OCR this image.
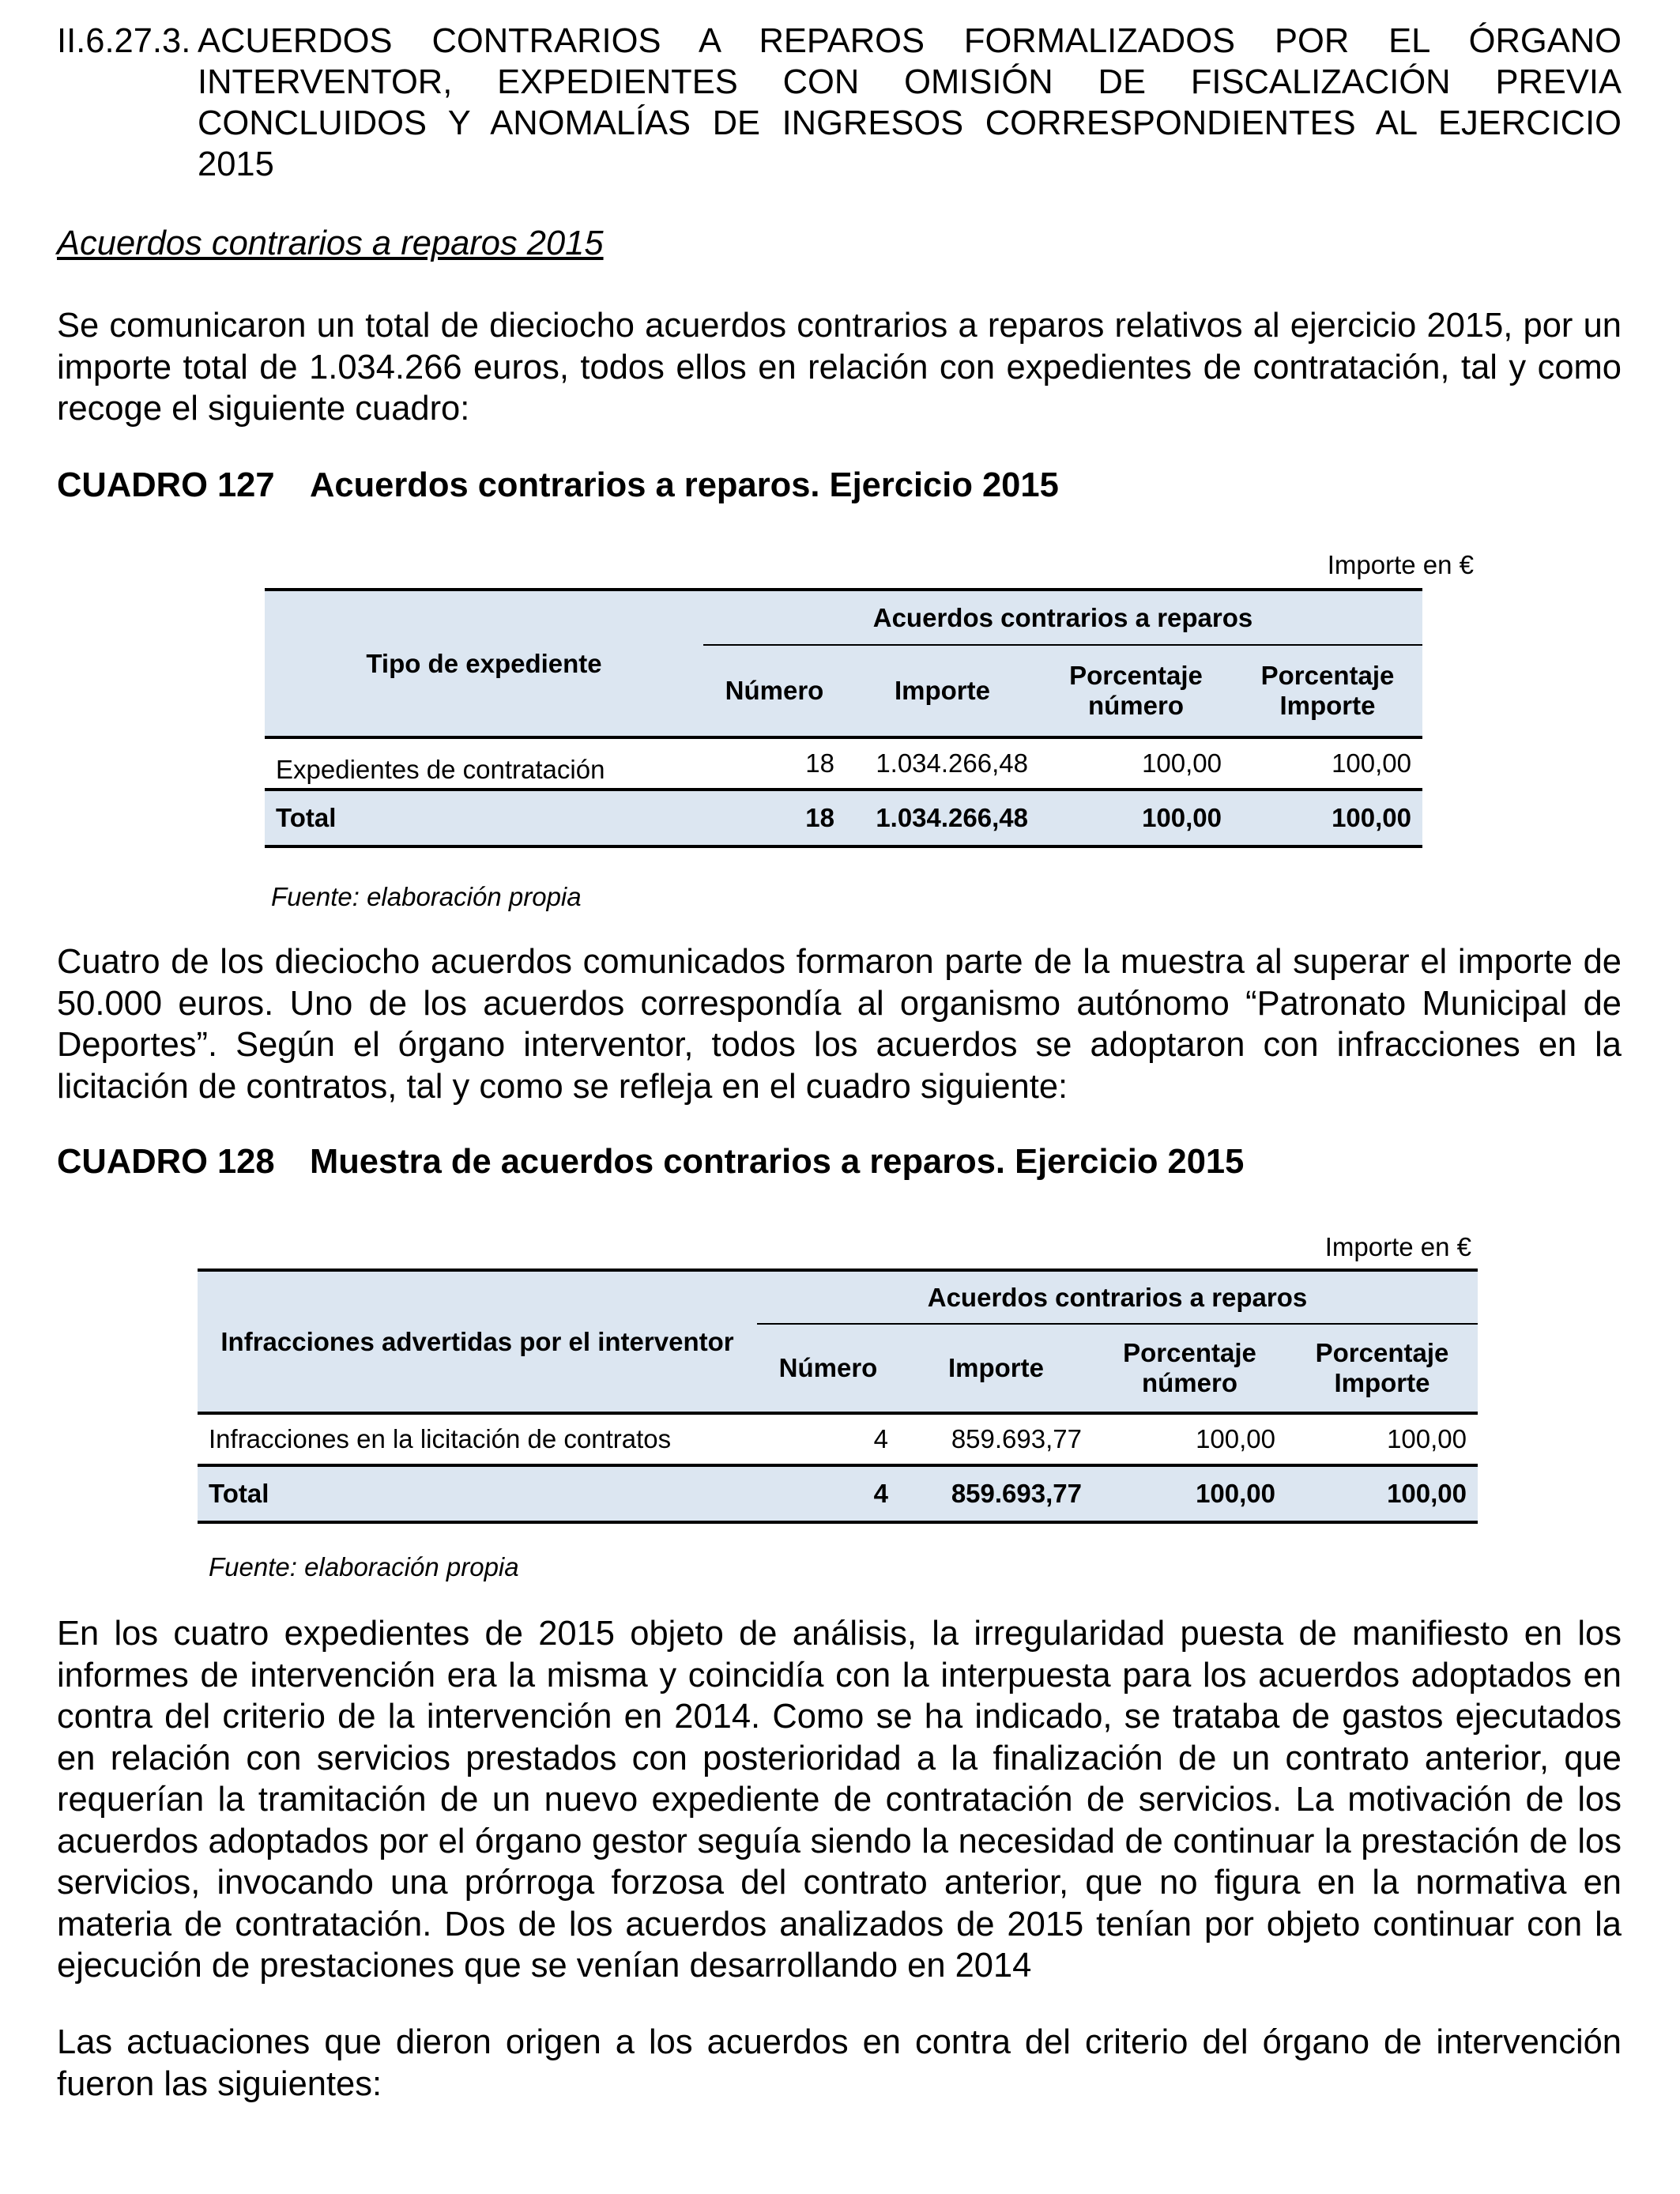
II.6.27.3. ACUERDOS CONTRARIOS A REPAROS FORMALIZADOS POR EL ÓRGANO INTERVENTOR, EXPEDIENTES CON OMISIÓN DE FISCALIZACIÓN PREVIA CONCLUIDOS Y ANOMALÍAS DE INGRESOS CORRESPONDIENTES AL EJERCICIO 2015

Acuerdos contrarios a reparos 2015

Se comunicaron un total de dieciocho acuerdos contrarios a reparos relativos al ejercicio 2015, por un importe total de 1.034.266 euros, todos ellos en relación con expedientes de contratación, tal y como recoge el siguiente cuadro:

CUADRO 127 Acuerdos contrarios a reparos. Ejercicio 2015
Importe en €
Tipo de expediente	Acuerdos contrarios a reparos			
	Número	Importe	Porcentaje número	Porcentaje Importe
Expedientes de contratación	18	1.034.266,48	100,00	100,00
Total	18	1.034.266,48	100,00	100,00
Fuente: elaboración propia

Cuatro de los dieciocho acuerdos comunicados formaron parte de la muestra al superar el importe de 50.000 euros. Uno de los acuerdos correspondía al organismo autónomo “Patronato Municipal de Deportes”. Según el órgano interventor, todos los acuerdos se adoptaron con infracciones en la licitación de contratos, tal y como se refleja en el cuadro siguiente:

CUADRO 128 Muestra de acuerdos contrarios a reparos. Ejercicio 2015
Importe en €
Infracciones advertidas por el interventor	Acuerdos contrarios a reparos			
	Número	Importe	Porcentaje número	Porcentaje Importe
Infracciones en la licitación de contratos	4	859.693,77	100,00	100,00
Total	4	859.693,77	100,00	100,00
Fuente: elaboración propia

En los cuatro expedientes de 2015 objeto de análisis, la irregularidad puesta de manifiesto en los informes de intervención era la misma y coincidía con la interpuesta para los acuerdos adoptados en contra del criterio de la intervención en 2014. Como se ha indicado, se trataba de gastos ejecutados en relación con servicios prestados con posterioridad a la finalización de un contrato anterior, que requerían la tramitación de un nuevo expediente de contratación de servicios. La motivación de los acuerdos adoptados por el órgano gestor seguía siendo la necesidad de continuar la prestación de los servicios, invocando una prórroga forzosa del contrato anterior, que no figura en la normativa en materia de contratación. Dos de los acuerdos analizados de 2015 tenían por objeto continuar con la ejecución de prestaciones que se venían desarrollando en 2014

Las actuaciones que dieron origen a los acuerdos en contra del criterio del órgano de intervención fueron las siguientes:
